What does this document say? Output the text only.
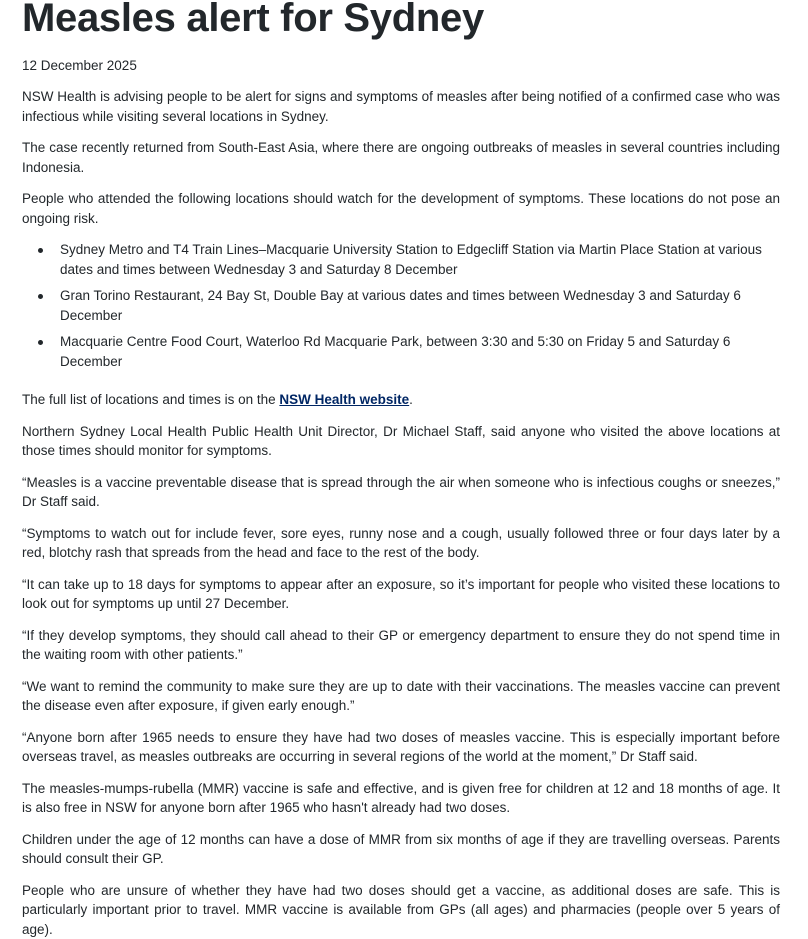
Measles alert for Sydney
12 December 2025

NSW Health is advising people to be alert for signs and symptoms of measles after being notified of a confirmed case who was infectious while visiting several locations in Sydney.

The case recently returned from South-East Asia, where there are ongoing outbreaks of measles in several countries including Indonesia.

People who attended the following locations should watch for the development of symptoms. These locations do not pose an ongoing risk.

Sydney Metro and T4 Train Lines–Macquarie University Station to Edgecliff Station via Martin Place Station at various dates and times between Wednesday 3 and Saturday 8 December
Gran Torino Restaurant, 24 Bay St, Double Bay at various dates and times between Wednesday 3 and Saturday 6 December
Macquarie Centre Food Court, Waterloo Rd Macquarie Park, between 3:30 and 5:30 on Friday 5 and Saturday 6 December

The full list of locations and times is on the NSW Health website.

Northern Sydney Local Health Public Health Unit Director, Dr Michael Staff, said anyone who visited the above locations at those times should monitor for symptoms.

“Measles is a vaccine preventable disease that is spread through the air when someone who is infectious coughs or sneezes,” Dr Staff said.

“Symptoms to watch out for include fever, sore eyes, runny nose and a cough, usually followed three or four days later by a red, blotchy rash that spreads from the head and face to the rest of the body.

“It can take up to 18 days for symptoms to appear after an exposure, so it’s important for people who visited these locations to look out for symptoms up until 27 December.

“If they develop symptoms, they should call ahead to their GP or emergency department to ensure they do not spend time in the waiting room with other patients.”

“We want to remind the community to make sure they are up to date with their vaccinations. The measles vaccine can prevent the disease even after exposure, if given early enough.”

“Anyone born after 1965 needs to ensure they have had two doses of measles vaccine. This is especially important before overseas travel, as measles outbreaks are occurring in several regions of the world at the moment,” Dr Staff said.

The measles-mumps-rubella (MMR) vaccine is safe and effective, and is given free for children at 12 and 18 months of age. It is also free in NSW for anyone born after 1965 who hasn't already had two doses.

Children under the age of 12 months can have a dose of MMR from six months of age if they are travelling overseas. Parents should consult their GP.

People who are unsure of whether they have had two doses should get a vaccine, as additional doses are safe. This is particularly important prior to travel. MMR vaccine is available from GPs (all ages) and pharmacies (people over 5 years of age).
